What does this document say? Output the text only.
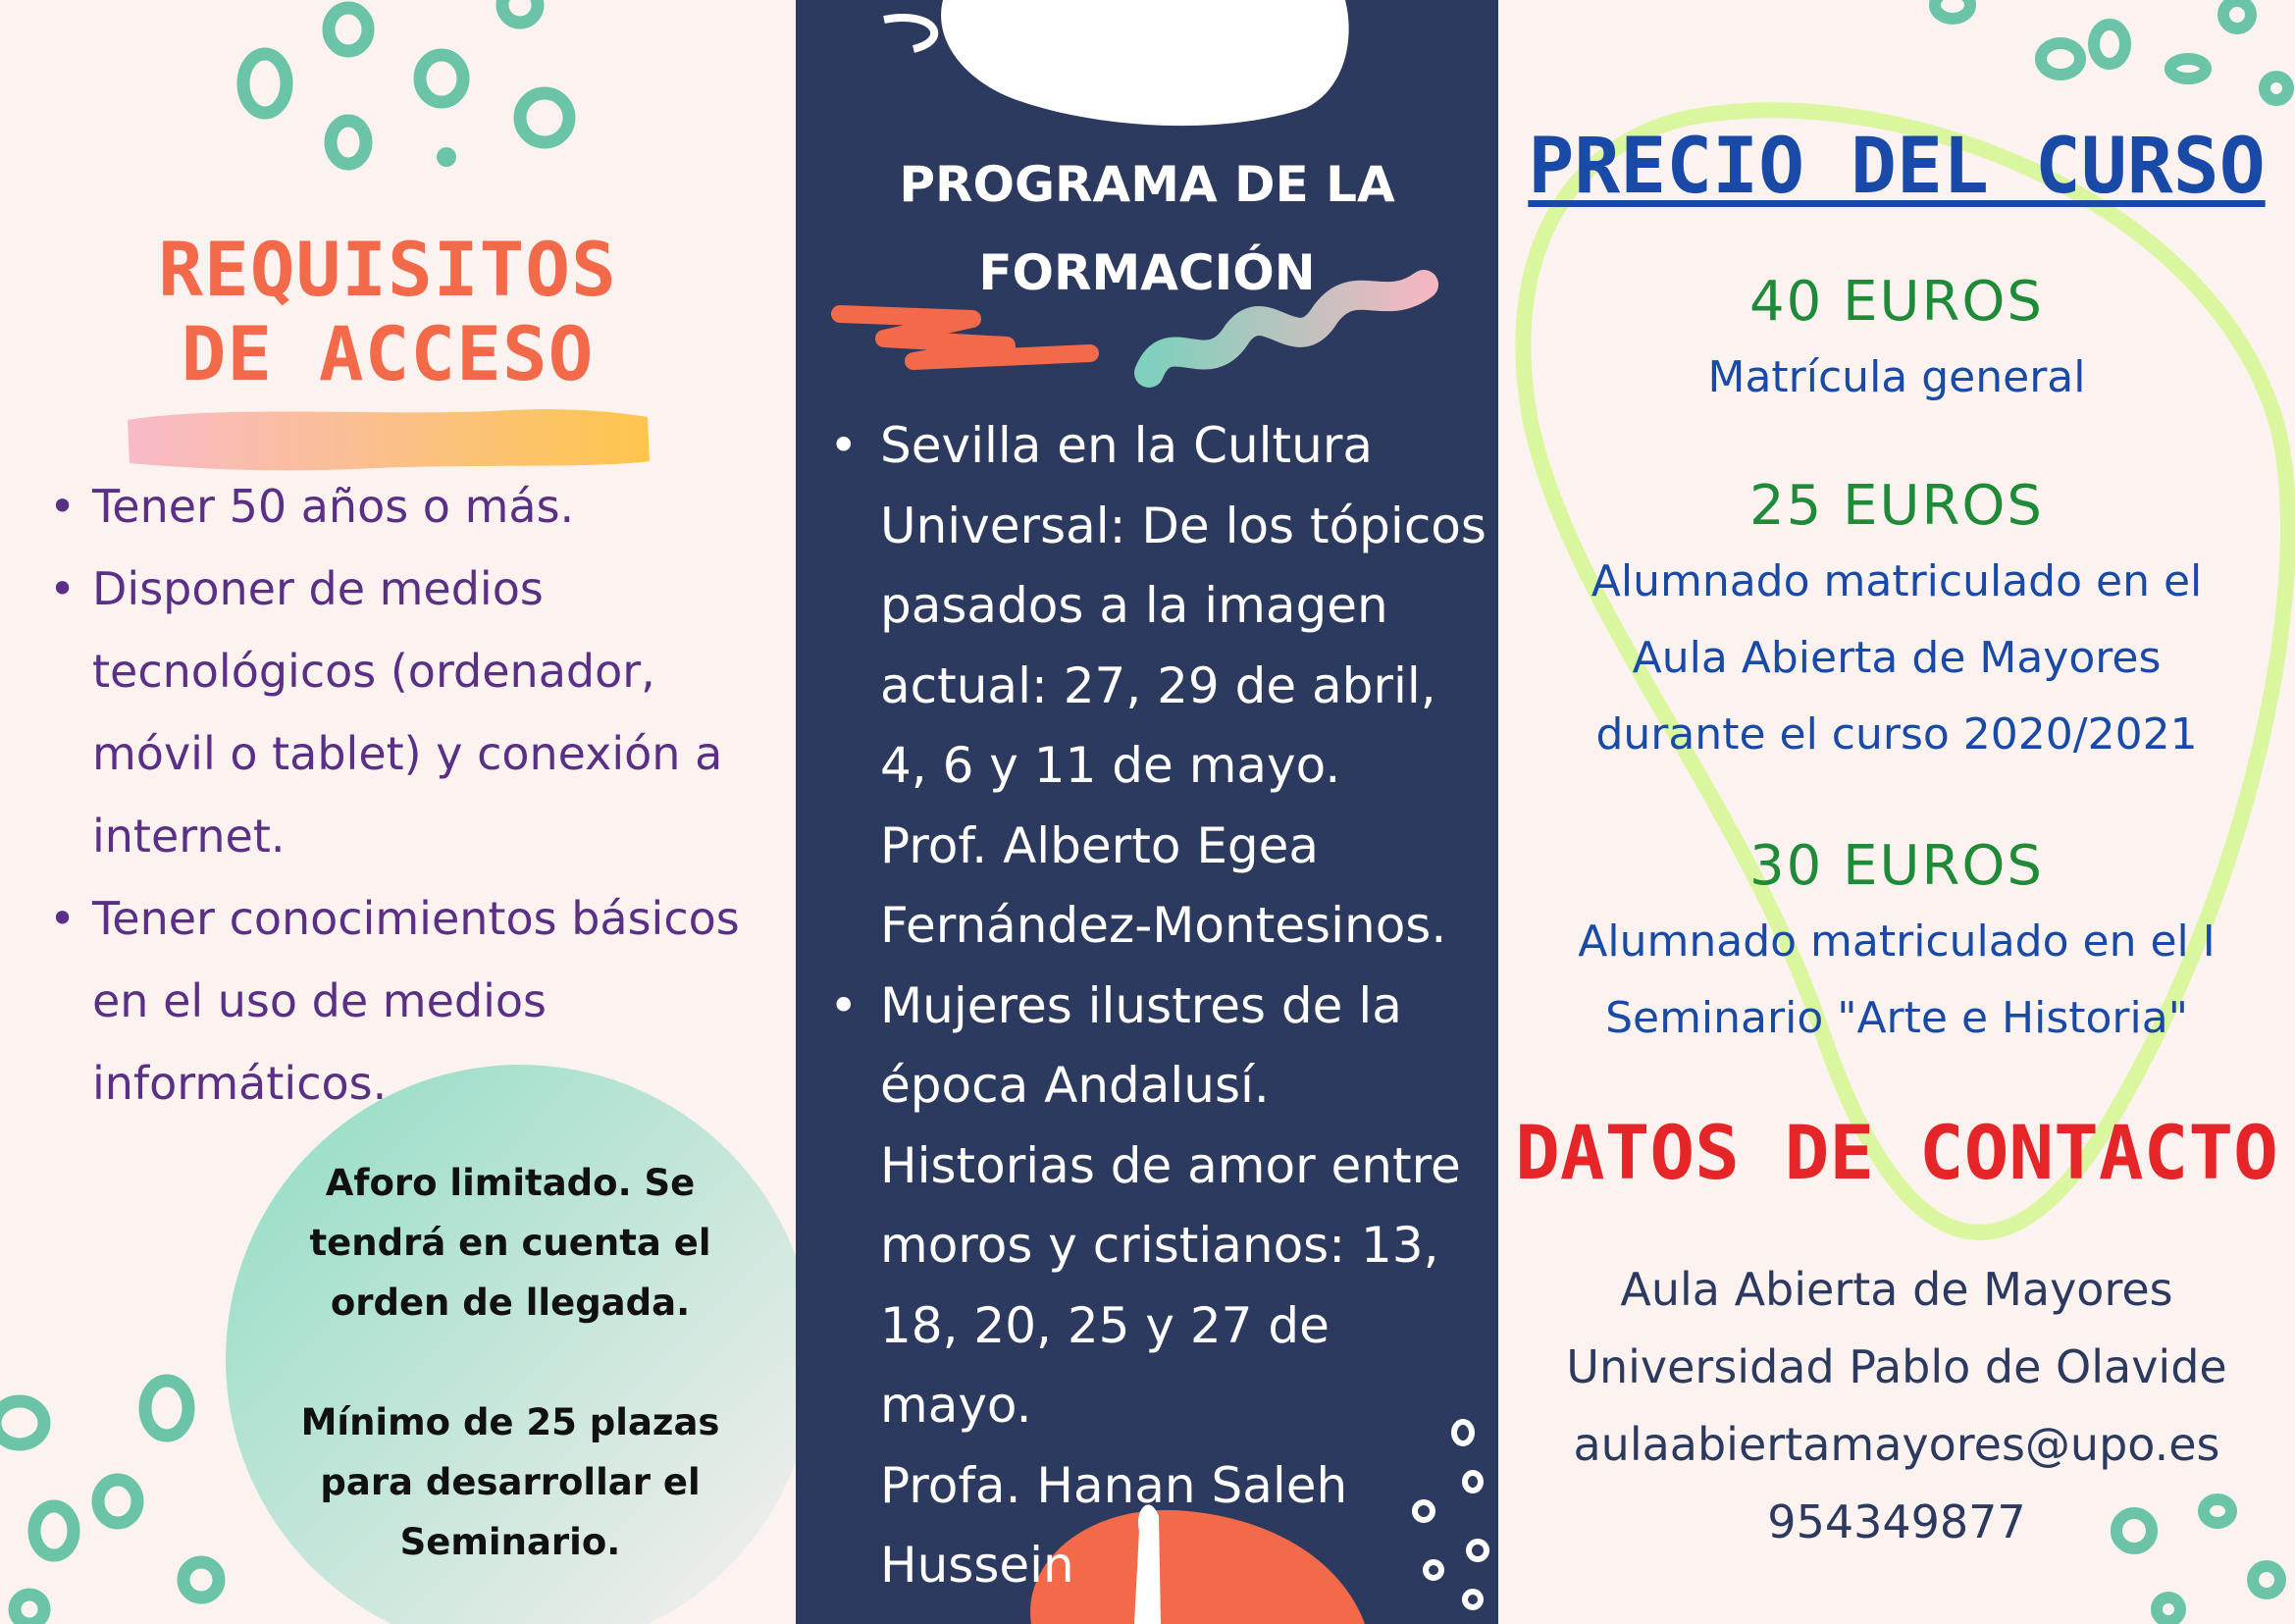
REQUISITOS DE ACCESO
• Tener 50 años o más.
• Disponer de medios tecnológicos (ordenador, móvil o tablet) y conexión a internet.
• Tener conocimientos básicos en el uso de medios informáticos.

Aforo limitado. Se

tendrá en cuenta el

orden de llegada.

Mínimo de 25 plazas

para desarrollar el

Seminario.

PROGRAMA DE LA
FORMACIÓN
• Sevilla en la Cultura
Universal: De los tópicos
pasados a la imagen
actual: 27, 29 de abril,
4, 6 y 11 de mayo.
Prof. Alberto Egea
Fernández-Montesinos.
• Mujeres ilustres de la
época Andalusí.
Historias de amor entre
moros y cristianos: 13,
18, 20, 25 y 27 de mayo.
Profa. Hanan Saleh
Hussein
PRECIO DEL CURSO
40 EUROS
Matrícula general
25 EUROS
Alumnado matriculado en el
Aula Abierta de Mayores
durante el curso 2020/2021
30 EUROS
Alumnado matriculado en el I
Seminario "Arte e Historia"
DATOS DE CONTACTO
Aula Abierta de Mayores
Universidad Pablo de Olavide
aulaabiertamayores@upo.es
954349877
